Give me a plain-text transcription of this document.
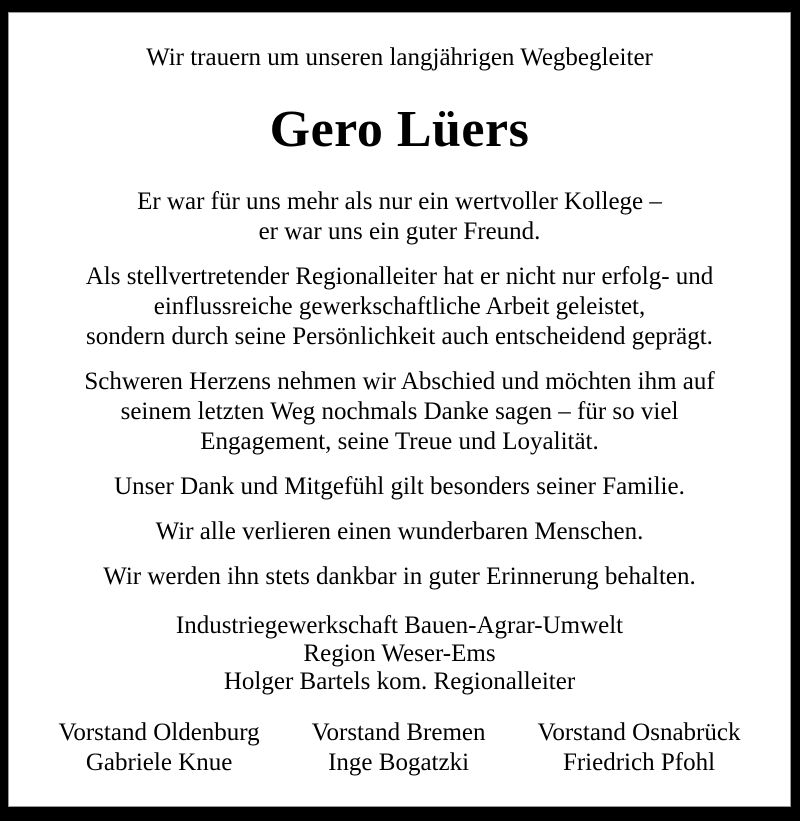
Wir trauern um unseren langjährigen Wegbegleiter
Gero Lüers
Er war für uns mehr als nur ein wertvoller Kollege –
er war uns ein guter Freund.
Als stellvertretender Regionalleiter hat er nicht nur erfolg- und
einflussreiche gewerkschaftliche Arbeit geleistet,
sondern durch seine Persönlichkeit auch entscheidend geprägt.
Schweren Herzens nehmen wir Abschied und möchten ihm auf
seinem letzten Weg nochmals Danke sagen – für so viel
Engagement, seine Treue und Loyalität.
Unser Dank und Mitgefühl gilt besonders seiner Familie.
Wir alle verlieren einen wunderbaren Menschen.
Wir werden ihn stets dankbar in guter Erinnerung behalten.
Industriegewerkschaft Bauen-Agrar-Umwelt
Region Weser-Ems
Holger Bartels kom. Regionalleiter
Vorstand Oldenburg
Gabriele Knue
Vorstand Bremen
Inge Bogatzki
Vorstand Osnabrück
Friedrich Pfohl
